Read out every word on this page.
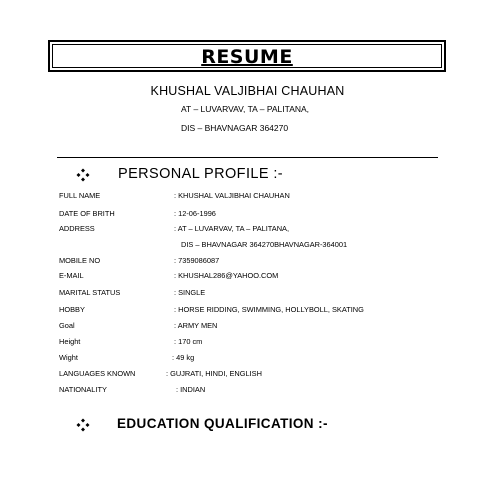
RESUME
KHUSHAL VALJIBHAI CHAUHAN
AT – LUVARVAV, TA – PALITANA,
DIS – BHAVNAGAR 364270
PERSONAL PROFILE :-
FULL NAME	: KHUSHAL VALJIBHAI CHAUHAN
DATE OF BRITH	: 12-06-1996
ADDRESS	: AT – LUVARVAV, TA – PALITANA,
DIS – BHAVNAGAR 364270BHAVNAGAR-364001
MOBILE NO	: 7359086087
E-MAIL	: KHUSHAL286@YAHOO.COM
MARITAL STATUS	: SINGLE
HOBBY	: HORSE RIDDING, SWIMMING, HOLLYBOLL, SKATING
Goal	: ARMY MEN
Height	: 170 cm
Wight	: 49 kg
LANGUAGES KNOWN	: GUJRATI, HINDI, ENGLISH
NATIONALITY	: INDIAN
EDUCATION QUALIFICATION :-
